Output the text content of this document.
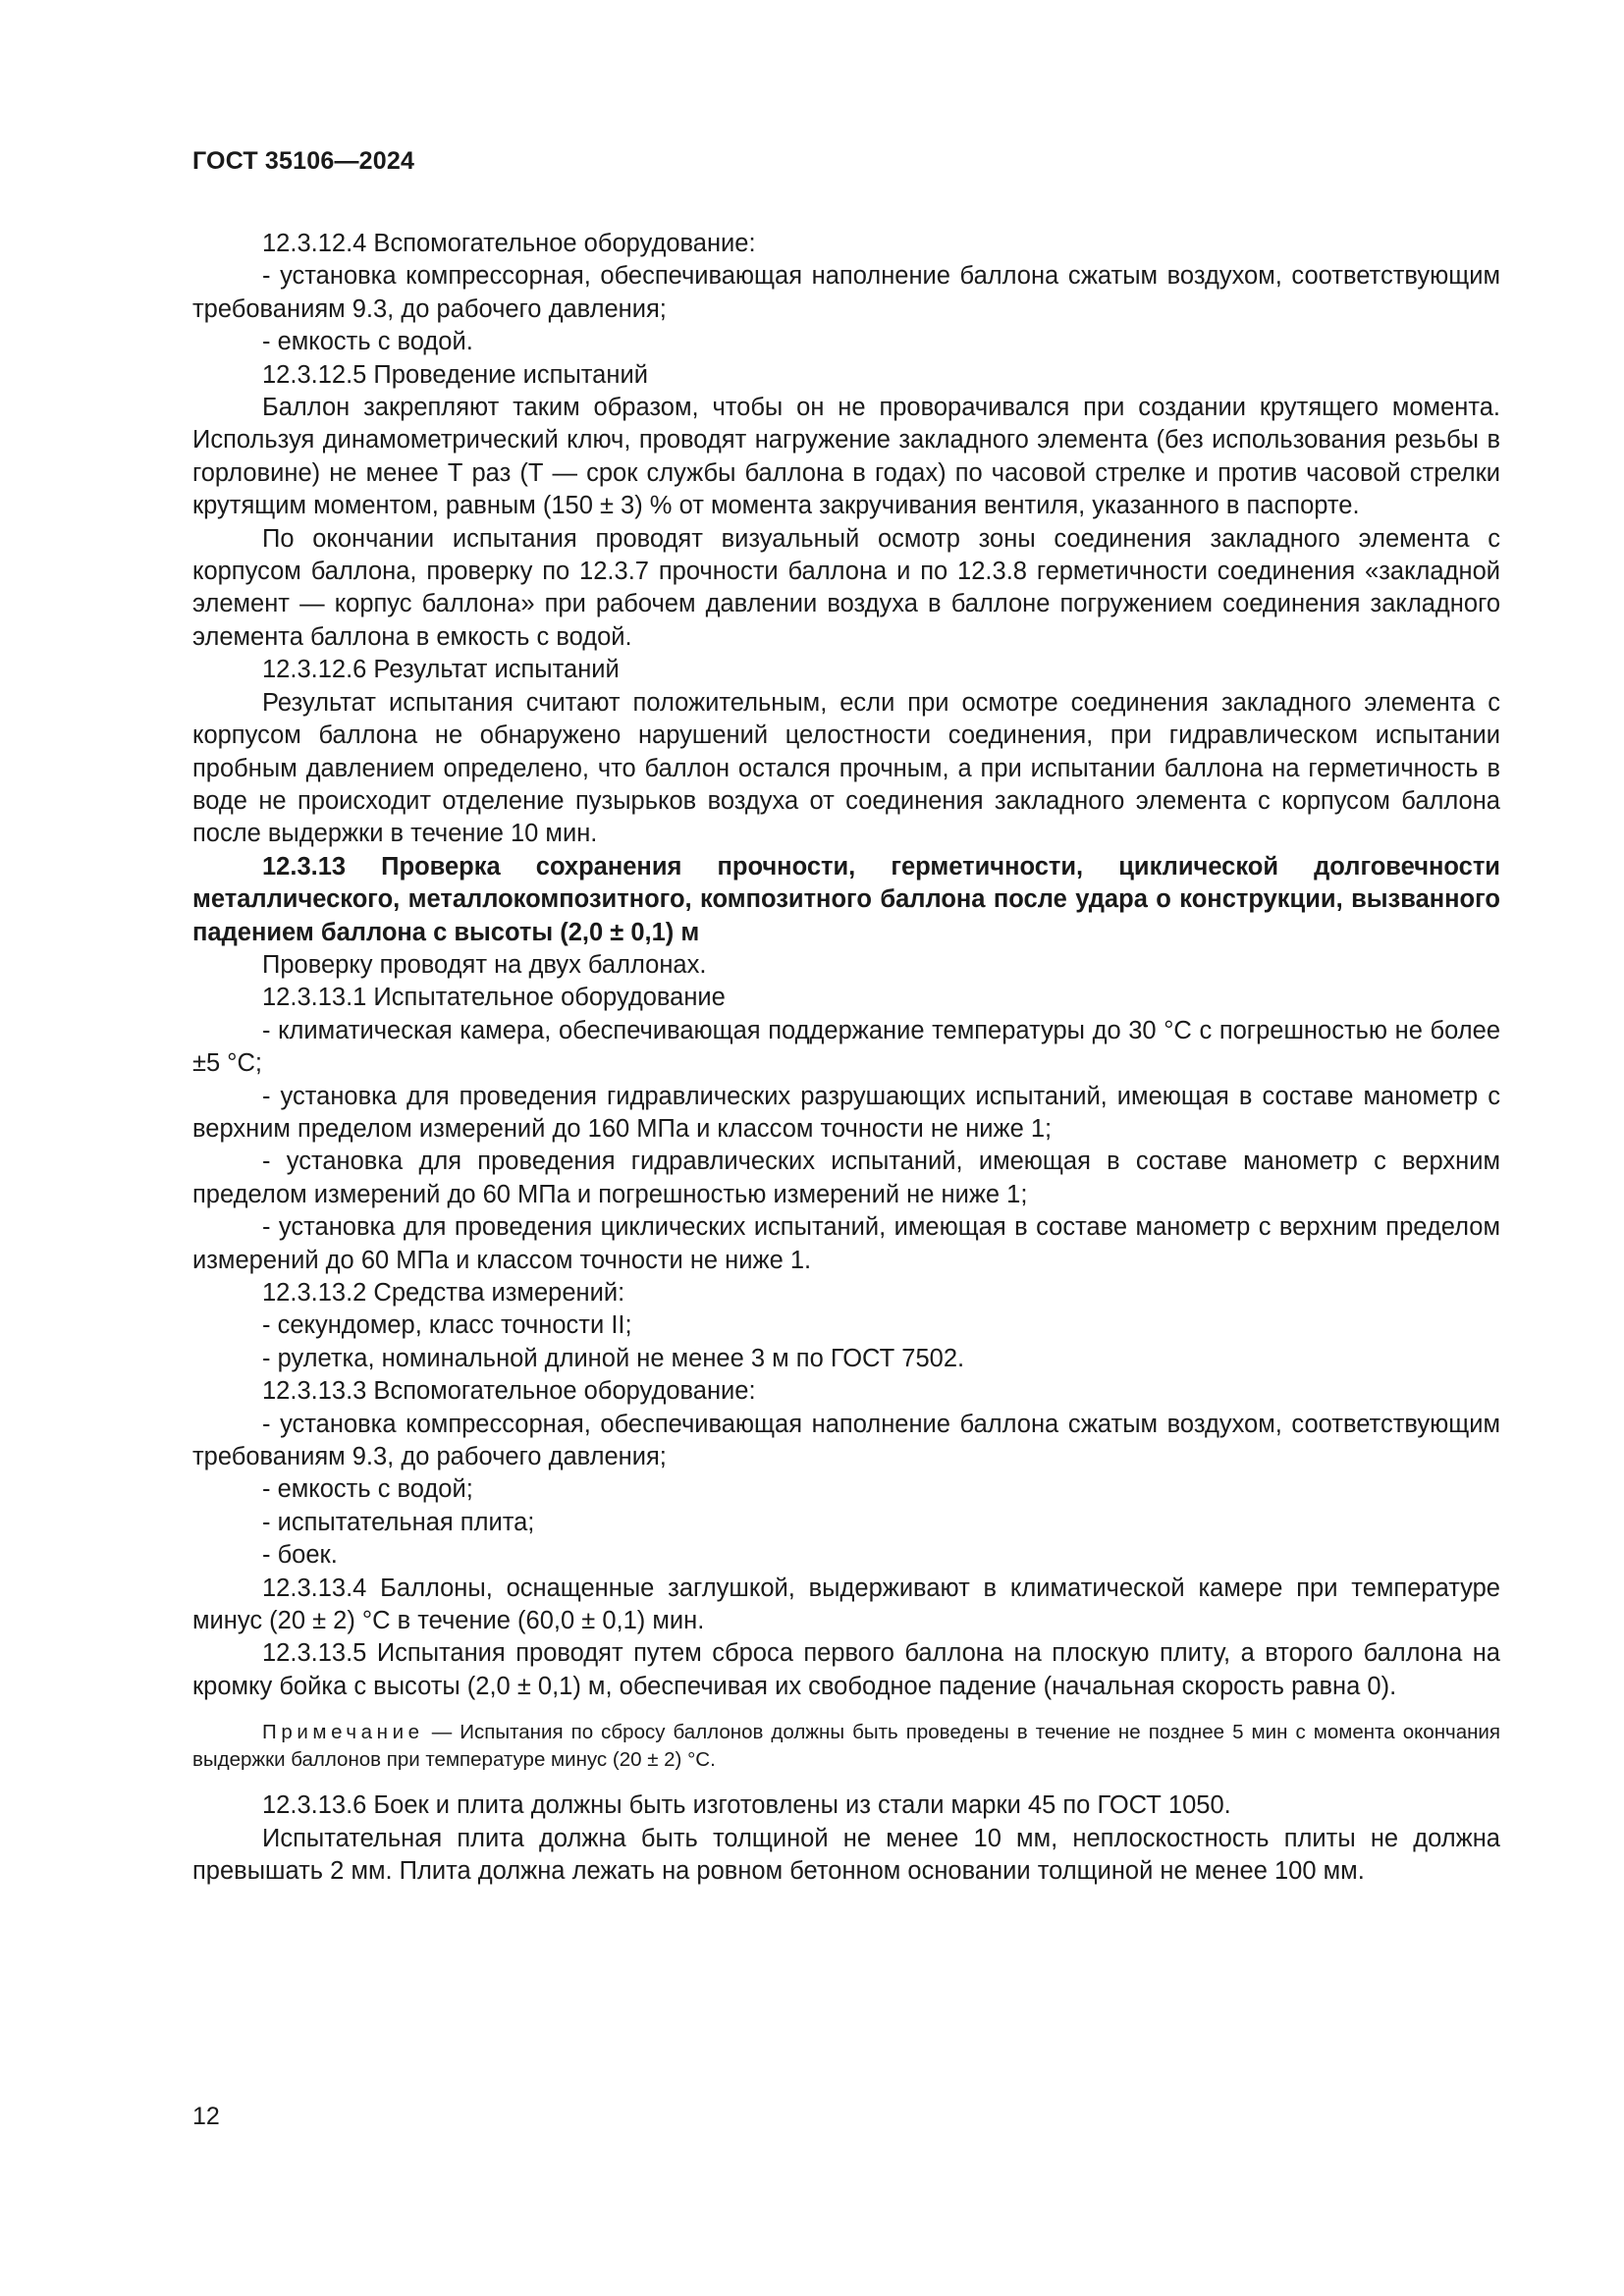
ГОСТ 35106—2024

12.3.12.4 Вспомогательное оборудование:

- установка компрессорная, обеспечивающая наполнение баллона сжатым воздухом, соответствующим требованиям 9.3, до рабочего давления;

- емкость с водой.

12.3.12.5 Проведение испытаний

Баллон закрепляют таким образом, чтобы он не проворачивался при создании крутящего момента. Используя динамометрический ключ, проводят нагружение закладного элемента (без использования резьбы в горловине) не менее Т раз (Т — срок службы баллона в годах) по часовой стрелке и против часовой стрелки крутящим моментом, равным (150 ± 3) % от момента закручивания вентиля, указанного в паспорте.

По окончании испытания проводят визуальный осмотр зоны соединения закладного элемента с корпусом баллона, проверку по 12.3.7 прочности баллона и по 12.3.8 герметичности соединения «закладной элемент — корпус баллона» при рабочем давлении воздуха в баллоне погружением соединения закладного элемента баллона в емкость с водой.

12.3.12.6 Результат испытаний

Результат испытания считают положительным, если при осмотре соединения закладного элемента с корпусом баллона не обнаружено нарушений целостности соединения, при гидравлическом испытании пробным давлением определено, что баллон остался прочным, а при испытании баллона на герметичность в воде не происходит отделение пузырьков воздуха от соединения закладного элемента с корпусом баллона после выдержки в течение 10 мин.

12.3.13 Проверка сохранения прочности, герметичности, циклической долговечности металлического, металлокомпозитного, композитного баллона после удара о конструкции, вызванного падением баллона с высоты (2,0 ± 0,1) м

Проверку проводят на двух баллонах.

12.3.13.1 Испытательное оборудование

- климатическая камера, обеспечивающая поддержание температуры до 30 °С с погрешностью не более ±5 °С;

- установка для проведения гидравлических разрушающих испытаний, имеющая в составе манометр с верхним пределом измерений до 160 МПа и классом точности не ниже 1;

- установка для проведения гидравлических испытаний, имеющая в составе манометр с верхним пределом измерений до 60 МПа и погрешностью измерений не ниже 1;

- установка для проведения циклических испытаний, имеющая в составе манометр с верхним пределом измерений до 60 МПа и классом точности не ниже 1.

12.3.13.2 Средства измерений:

- секундомер, класс точности II;

- рулетка, номинальной длиной не менее 3 м по ГОСТ 7502.

12.3.13.3 Вспомогательное оборудование:

- установка компрессорная, обеспечивающая наполнение баллона сжатым воздухом, соответствующим требованиям 9.3, до рабочего давления;

- емкость с водой;

- испытательная плита;

- боек.

12.3.13.4 Баллоны, оснащенные заглушкой, выдерживают в климатической камере при температуре минус (20 ± 2) °С в течение (60,0 ± 0,1) мин.

12.3.13.5 Испытания проводят путем сброса первого баллона на плоскую плиту, а второго баллона на кромку бойка с высоты (2,0 ± 0,1) м, обеспечивая их свободное падение (начальная скорость равна 0).

Примечание — Испытания по сбросу баллонов должны быть проведены в течение не позднее 5 мин с момента окончания выдержки баллонов при температуре минус (20 ± 2) °С.

12.3.13.6 Боек и плита должны быть изготовлены из стали марки 45 по ГОСТ 1050.

Испытательная плита должна быть толщиной не менее 10 мм, неплоскостность плиты не должна превышать 2 мм. Плита должна лежать на ровном бетонном основании толщиной не менее 100 мм.

12
